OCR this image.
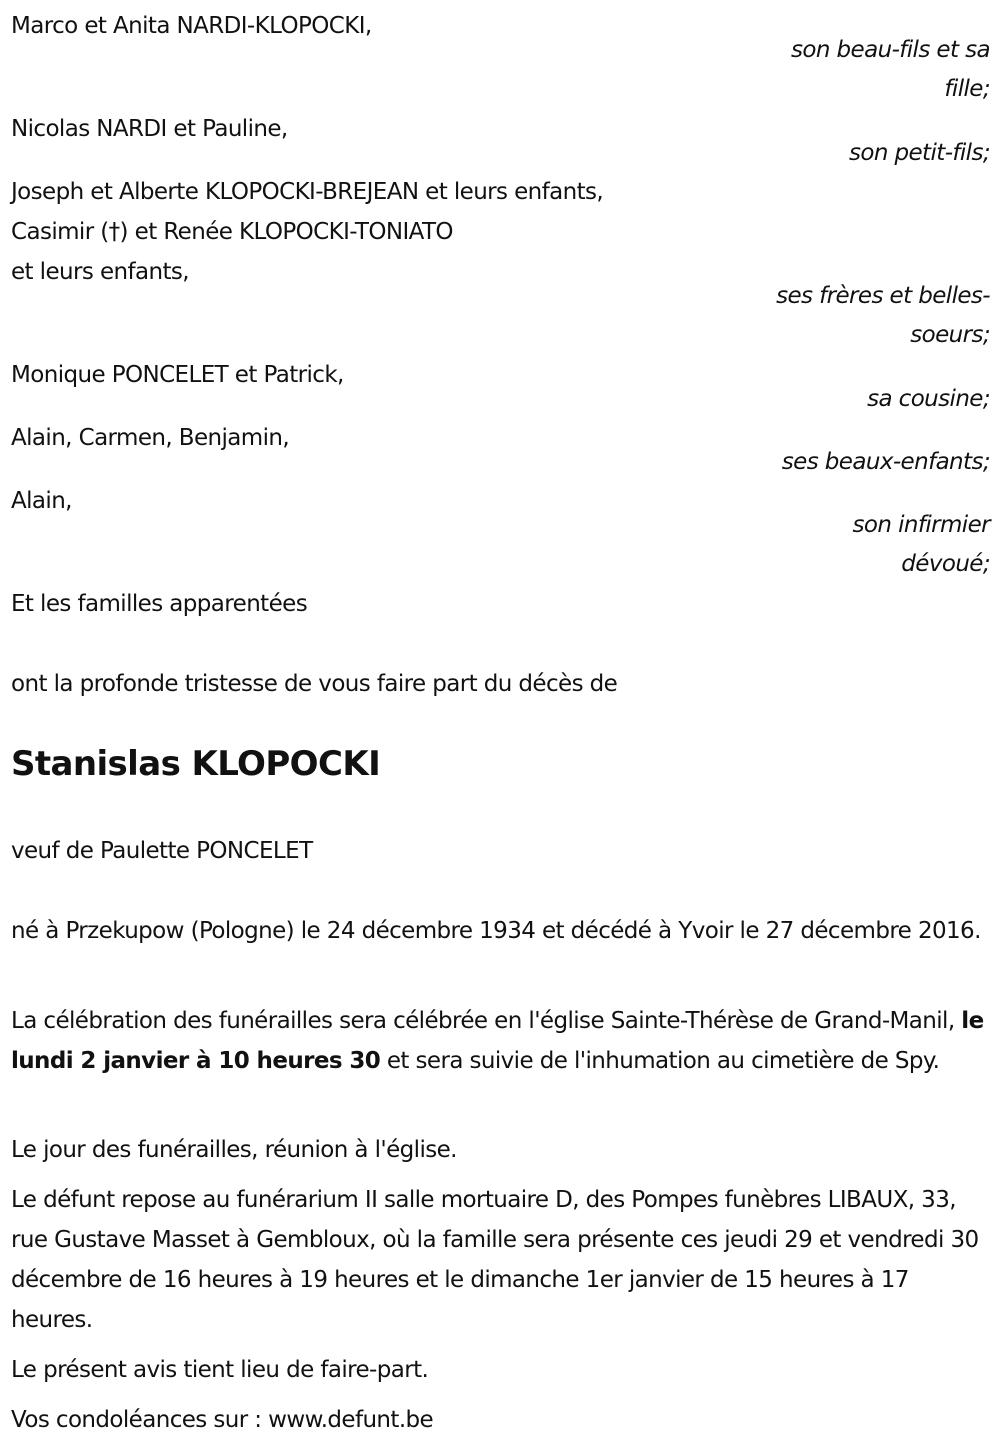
Marco et Anita NARDI-KLOPOCKI,
son beau-fils et sa
fille;
Nicolas NARDI et Pauline,
son petit-fils;
Joseph et Alberte KLOPOCKI-BREJEAN et leurs enfants,
Casimir (†) et Renée KLOPOCKI-TONIATO
et leurs enfants,
ses frères et belles-
soeurs;
Monique PONCELET et Patrick,
sa cousine;
Alain, Carmen, Benjamin,
ses beaux-enfants;
Alain,
son infirmier
dévoué;
Et les familles apparentées
ont la profonde tristesse de vous faire part du décès de
Stanislas KLOPOCKI
veuf de Paulette PONCELET
né à Przekupow (Pologne) le 24 décembre 1934 et décédé à Yvoir le 27 décembre 2016.
La célébration des funérailles sera célébrée en l'église Sainte-Thérèse de Grand-Manil, le lundi 2 janvier à 10 heures 30 et sera suivie de l'inhumation au cimetière de Spy.
Le jour des funérailles, réunion à l'église.
Le défunt repose au funérarium II salle mortuaire D, des Pompes funèbres LIBAUX, 33, rue Gustave Masset à Gembloux, où la famille sera présente ces jeudi 29 et vendredi 30 décembre de 16 heures à 19 heures et le dimanche 1er janvier de 15 heures à 17 heures.
Le présent avis tient lieu de faire-part.
Vos condoléances sur : www.defunt.be
